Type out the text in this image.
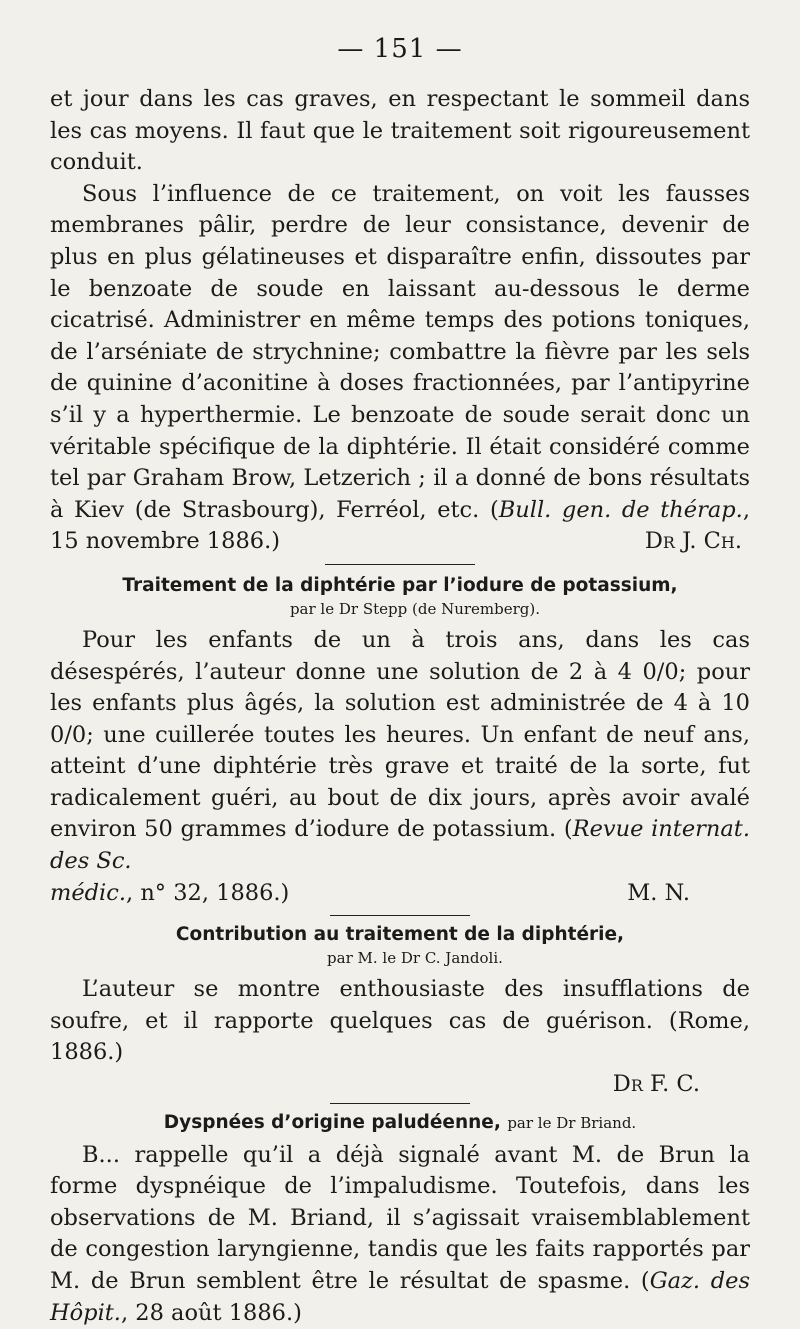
— 151 —

et jour dans les cas graves, en respectant le sommeil dans les cas moyens. Il faut que le traitement soit rigoureusement conduit.

Sous l’influence de ce traitement, on voit les fausses membranes pâlir, perdre de leur consistance, devenir de plus en plus gélatineuses et disparaître enfin, dissoutes par le benzoate de soude en laissant au-dessous le derme cicatrisé. Administrer en même temps des potions toniques, de l’arséniate de strychnine; combattre la fièvre par les sels de quinine d’aconitine à doses fractionnées, par l’antipyrine s’il y a hyperthermie. Le benzoate de soude serait donc un véritable spécifique de la diphtérie. Il était considéré comme tel par Graham Brow, Letzerich ; il a donné de bons résultats à Kiev (de Strasbourg), Ferréol, etc. (Bull. gen. de thérap., 15 novembre 1886.)	Dr J. Ch.
Traitement de la diphtérie par l’iodure de potassium,
par le Dr Stepp (de Nuremberg).

Pour les enfants de un à trois ans, dans les cas désespérés, l’auteur donne une solution de 2 à 4 0/0; pour les enfants plus âgés, la solution est administrée de 4 à 10 0/0; une cuillerée toutes les heures. Un enfant de neuf ans, atteint d’une diphtérie très grave et traité de la sorte, fut radicalement guéri, au bout de dix jours, après avoir avalé environ 50 grammes d’iodure de potassium. (Revue internat. des Sc.

médic., n° 32, 1886.)	M. N.
Contribution au traitement de la diphtérie,
par M. le Dr C. Jandoli.

L’auteur se montre enthousiaste des insufflations de soufre, et il rapporte quelques cas de guérison. (Rome, 1886.)

Dr F. C.
Dyspnées d’origine paludéenne, par le Dr Briand.

B... rappelle qu’il a déjà signalé avant M. de Brun la forme dyspnéique de l’impaludisme. Toutefois, dans les observations de M. Briand, il s’agissait vraisemblablement de congestion laryngienne, tandis que les faits rapportés par M. de Brun semblent être le résultat de spasme. (Gaz. des Hôpit., 28 août 1886.)
